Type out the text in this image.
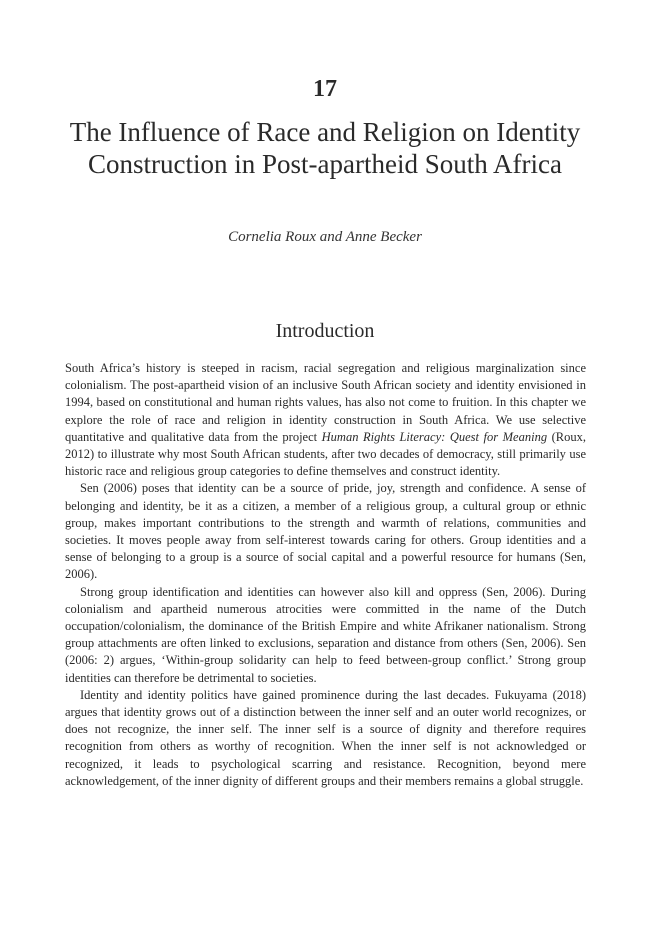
17
The Influence of Race and Religion on Identity Construction in Post-apartheid South Africa
Cornelia Roux and Anne Becker
Introduction

South Africa’s history is steeped in racism, racial segregation and religious marginalization since colonialism. The post-apartheid vision of an inclusive South African society and identity envisioned in 1994, based on constitutional and human rights values, has also not come to fruition. In this chapter we explore the role of race and religion in identity construction in South Africa. We use selective quantitative and qualitative data from the project Human Rights Literacy: Quest for Meaning (Roux, 2012) to illustrate why most South African students, after two decades of democracy, still primarily use historic race and religious group categories to define themselves and construct identity.

Sen (2006) poses that identity can be a source of pride, joy, strength and confidence. A sense of belonging and identity, be it as a citizen, a member of a religious group, a cultural group or ethnic group, makes important contributions to the strength and warmth of relations, communities and societies. It moves people away from self-interest towards caring for others. Group identities and a sense of belonging to a group is a source of social capital and a powerful resource for humans (Sen, 2006).

Strong group identification and identities can however also kill and oppress (Sen, 2006). During colonialism and apartheid numerous atrocities were committed in the name of the Dutch occupation/colonialism, the dominance of the British Empire and white Afrikaner nationalism. Strong group attachments are often linked to exclusions, separation and distance from others (Sen, 2006). Sen (2006: 2) argues, ‘Within-group solidarity can help to feed between-group conflict.’ Strong group identities can therefore be detrimental to societies.

Identity and identity politics have gained prominence during the last decades. Fukuyama (2018) argues that identity grows out of a distinction between the inner self and an outer world recognizes, or does not recognize, the inner self. The inner self is a source of dignity and therefore requires recognition from others as worthy of recognition. When the inner self is not acknowledged or recognized, it leads to psychological scarring and resistance. Recognition, beyond mere acknowledgement, of the inner dignity of different groups and their members remains a global struggle.
